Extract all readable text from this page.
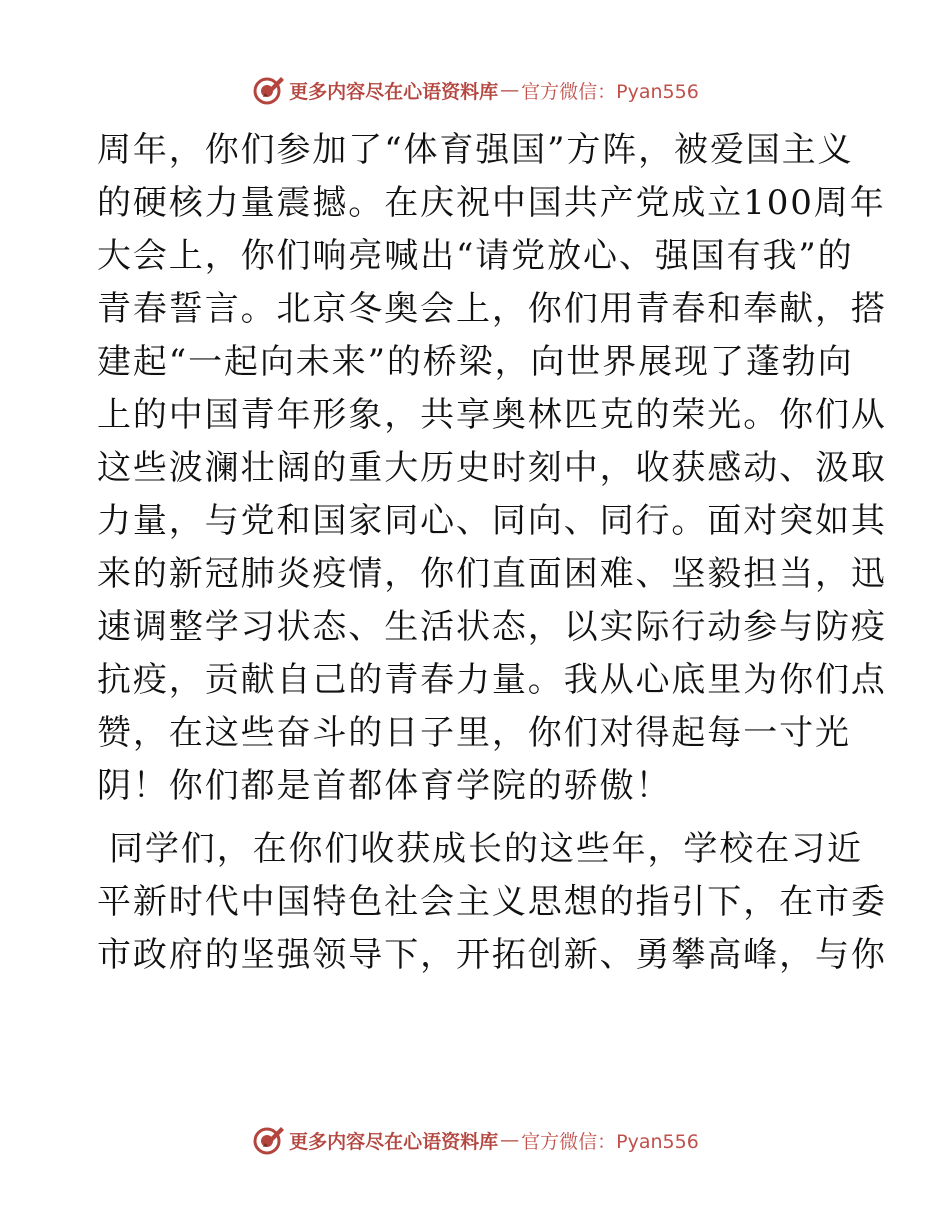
更多内容尽在心语资料库 — 官方微信：Pyan556
周年，你们参加了“体育强国”方阵，被爱国主义
的硬核力量震撼。在庆祝中国共产党成立100周年
大会上，你们响亮喊出“请党放心、强国有我”的
青春誓言。北京冬奥会上，你们用青春和奉献，搭
建起“一起向未来”的桥梁，向世界展现了蓬勃向
上的中国青年形象，共享奥林匹克的荣光。你们从
这些波澜壮阔的重大历史时刻中，收获感动、汲取
力量，与党和国家同心、同向、同行。面对突如其
来的新冠肺炎疫情，你们直面困难、坚毅担当，迅
速调整学习状态、生活状态，以实际行动参与防疫
抗疫，贡献自己的青春力量。我从心底里为你们点
赞，在这些奋斗的日子里，你们对得起每一寸光
阴！你们都是首都体育学院的骄傲！
同学们，在你们收获成长的这些年，学校在习近
平新时代中国特色社会主义思想的指引下，在市委
市政府的坚强领导下，开拓创新、勇攀高峰，与你
更多内容尽在心语资料库 — 官方微信：Pyan556
